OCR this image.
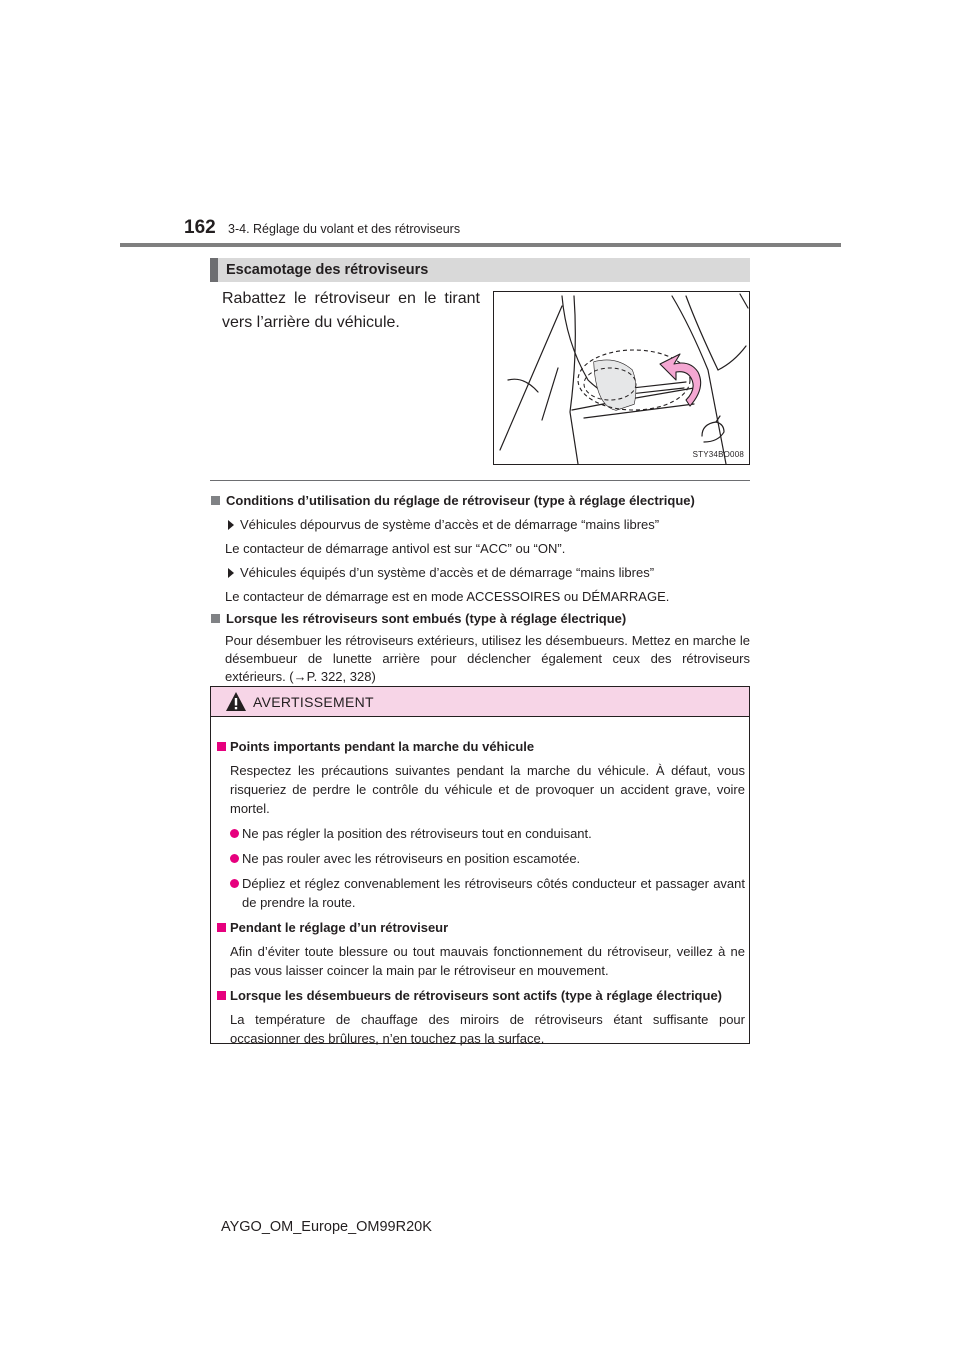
162 3-4. Réglage du volant et des rétroviseurs
Escamotage des rétroviseurs
Rabattez le rétroviseur en le tirant vers l’arrière du véhicule.
STY34BO008
Conditions d’utilisation du réglage de rétroviseur (type à réglage électrique)
Véhicules dépourvus de système d’accès et de démarrage “mains libres”
Le contacteur de démarrage antivol est sur “ACC” ou “ON”.
Véhicules équipés d’un système d’accès et de démarrage “mains libres”
Le contacteur de démarrage est en mode ACCESSOIRES ou DÉMARRAGE.
Lorsque les rétroviseurs sont embués (type à réglage électrique)
Pour désembuer les rétroviseurs extérieurs, utilisez les désembueurs. Mettez en marche le désembueur de lunette arrière pour déclencher également ceux des rétroviseurs extérieurs. (→P. 322, 328)
AVERTISSEMENT
Points importants pendant la marche du véhicule
Respectez les précautions suivantes pendant la marche du véhicule. À défaut, vous risqueriez de perdre le contrôle du véhicule et de provoquer un accident grave, voire mortel.
Ne pas régler la position des rétroviseurs tout en conduisant.
Ne pas rouler avec les rétroviseurs en position escamotée.
Dépliez et réglez convenablement les rétroviseurs côtés conducteur et passager avant de prendre la route.
Pendant le réglage d’un rétroviseur
Afin d’éviter toute blessure ou tout mauvais fonctionnement du rétroviseur, veillez à ne pas vous laisser coincer la main par le rétroviseur en mouvement.
Lorsque les désembueurs de rétroviseurs sont actifs (type à réglage électrique)
La température de chauffage des miroirs de rétroviseurs étant suffisante pour occasionner des brûlures, n’en touchez pas la surface.
AYGO_OM_Europe_OM99R20K
